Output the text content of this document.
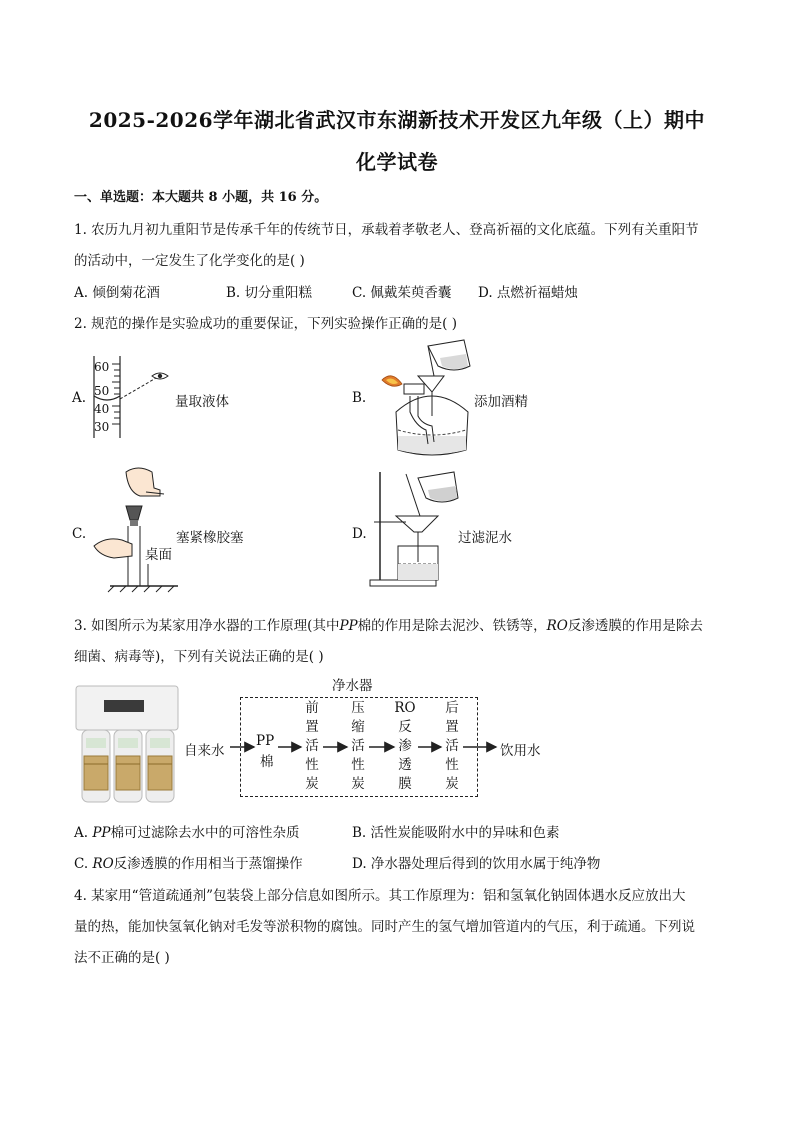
2025-2026学年湖北省武汉市东湖新技术开发区九年级（上）期中
化学试卷
一、单选题：本大题共 8 小题，共 16 分。
1. 农历九月初九重阳节是传承千年的传统节日，承载着孝敬老人、登高祈福的文化底蕴。下列有关重阳节
的活动中，一定发生了化学变化的是( )
A. 倾倒菊花酒	B. 切分重阳糕	C. 佩戴茱萸香囊 D. 点燃祈福蜡烛
2. 规范的操作是实验成功的重要保证，下列实验操作正确的是( )
A.
60
50
40
30
量取液体	B.	添加酒精
C.
桌面
塞紧橡胶塞	D.	过滤泥水
3. 如图所示为某家用净水器的工作原理(其中PP棉的作用是除去泥沙、铁锈等，RO反渗透膜的作用是除去
细菌、病毒等)，下列有关说法正确的是( )
净水器
自来水	饮用水
PP
棉
前
置
活
性
炭
压
缩
活
性
炭
RO
反
渗
透
膜
后
置
活
性
炭
A. PP棉可过滤除去水中的可溶性杂质	B. 活性炭能吸附水中的异味和色素
C. RO反渗透膜的作用相当于蒸馏操作	D. 净水器处理后得到的饮用水属于纯净物
4. 某家用“管道疏通剂”包装袋上部分信息如图所示。其工作原理为：铝和氢氧化钠固体遇水反应放出大
量的热，能加快氢氧化钠对毛发等淤积物的腐蚀。同时产生的氢气增加管道内的气压，利于疏通。下列说
法不正确的是( )
